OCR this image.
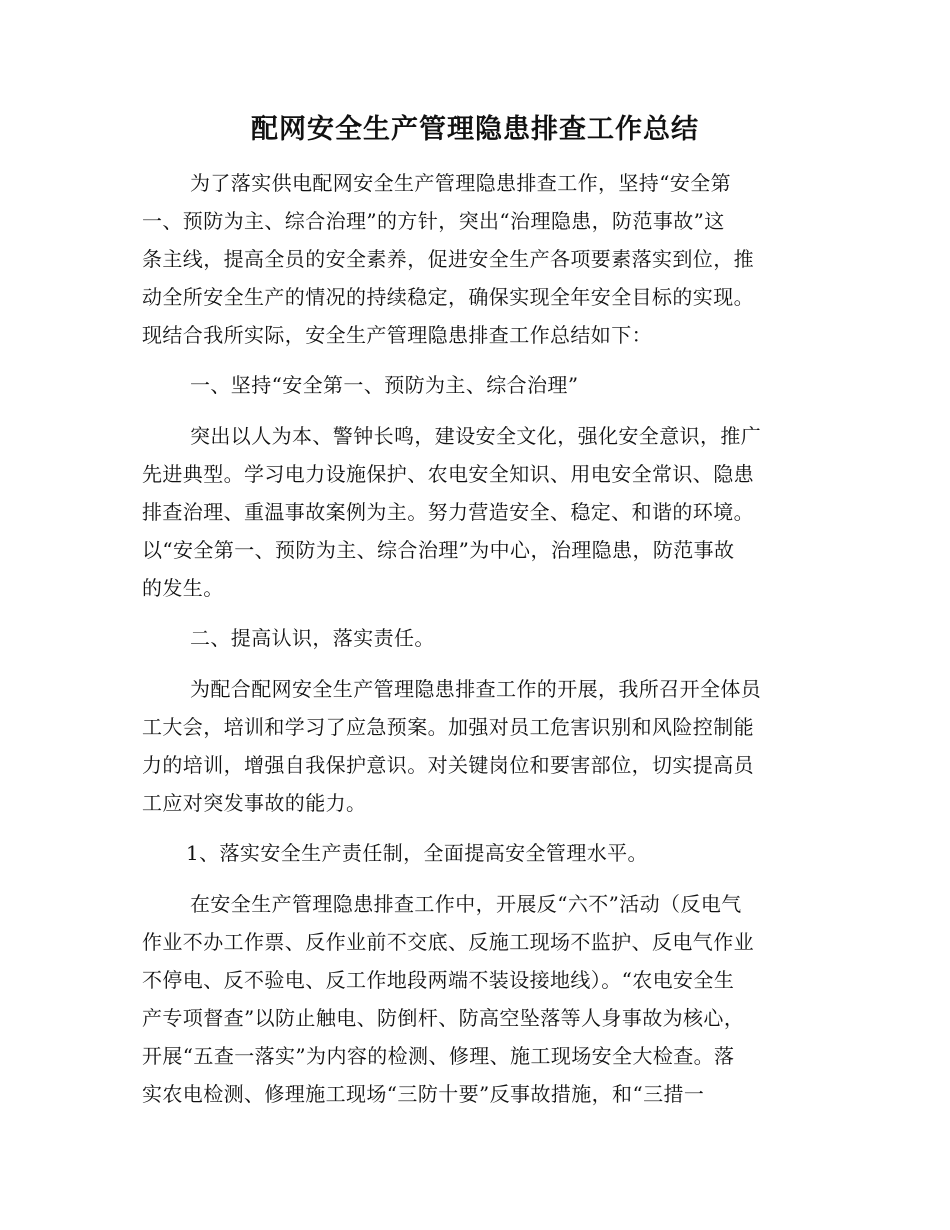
配网安全生产管理隐患排查工作总结
为了落实供电配网安全生产管理隐患排查工作，坚持“安全第
一、预防为主、综合治理”的方针，突出“治理隐患，防范事故”这
条主线，提高全员的安全素养，促进安全生产各项要素落实到位，推
动全所安全生产的情况的持续稳定，确保实现全年安全目标的实现。
现结合我所实际，安全生产管理隐患排查工作总结如下：
一、坚持“安全第一、预防为主、综合治理”
突出以人为本、警钟长鸣，建设安全文化，强化安全意识，推广
先进典型。学习电力设施保护、农电安全知识、用电安全常识、隐患
排查治理、重温事故案例为主。努力营造安全、稳定、和谐的环境。
以“安全第一、预防为主、综合治理”为中心，治理隐患，防范事故
的发生。
二、提高认识，落实责任。
为配合配网安全生产管理隐患排查工作的开展，我所召开全体员
工大会，培训和学习了应急预案。加强对员工危害识别和风险控制能
力的培训，增强自我保护意识。对关键岗位和要害部位，切实提高员
工应对突发事故的能力。
1、落实安全生产责任制，全面提高安全管理水平。
在安全生产管理隐患排查工作中，开展反“六不”活动（反电气
作业不办工作票、反作业前不交底、反施工现场不监护、反电气作业
不停电、反不验电、反工作地段两端不装设接地线）。“农电安全生
产专项督查”以防止触电、防倒杆、防高空坠落等人身事故为核心，
开展“五查一落实”为内容的检测、修理、施工现场安全大检查。落
实农电检测、修理施工现场“三防十要”反事故措施，和“三措一
